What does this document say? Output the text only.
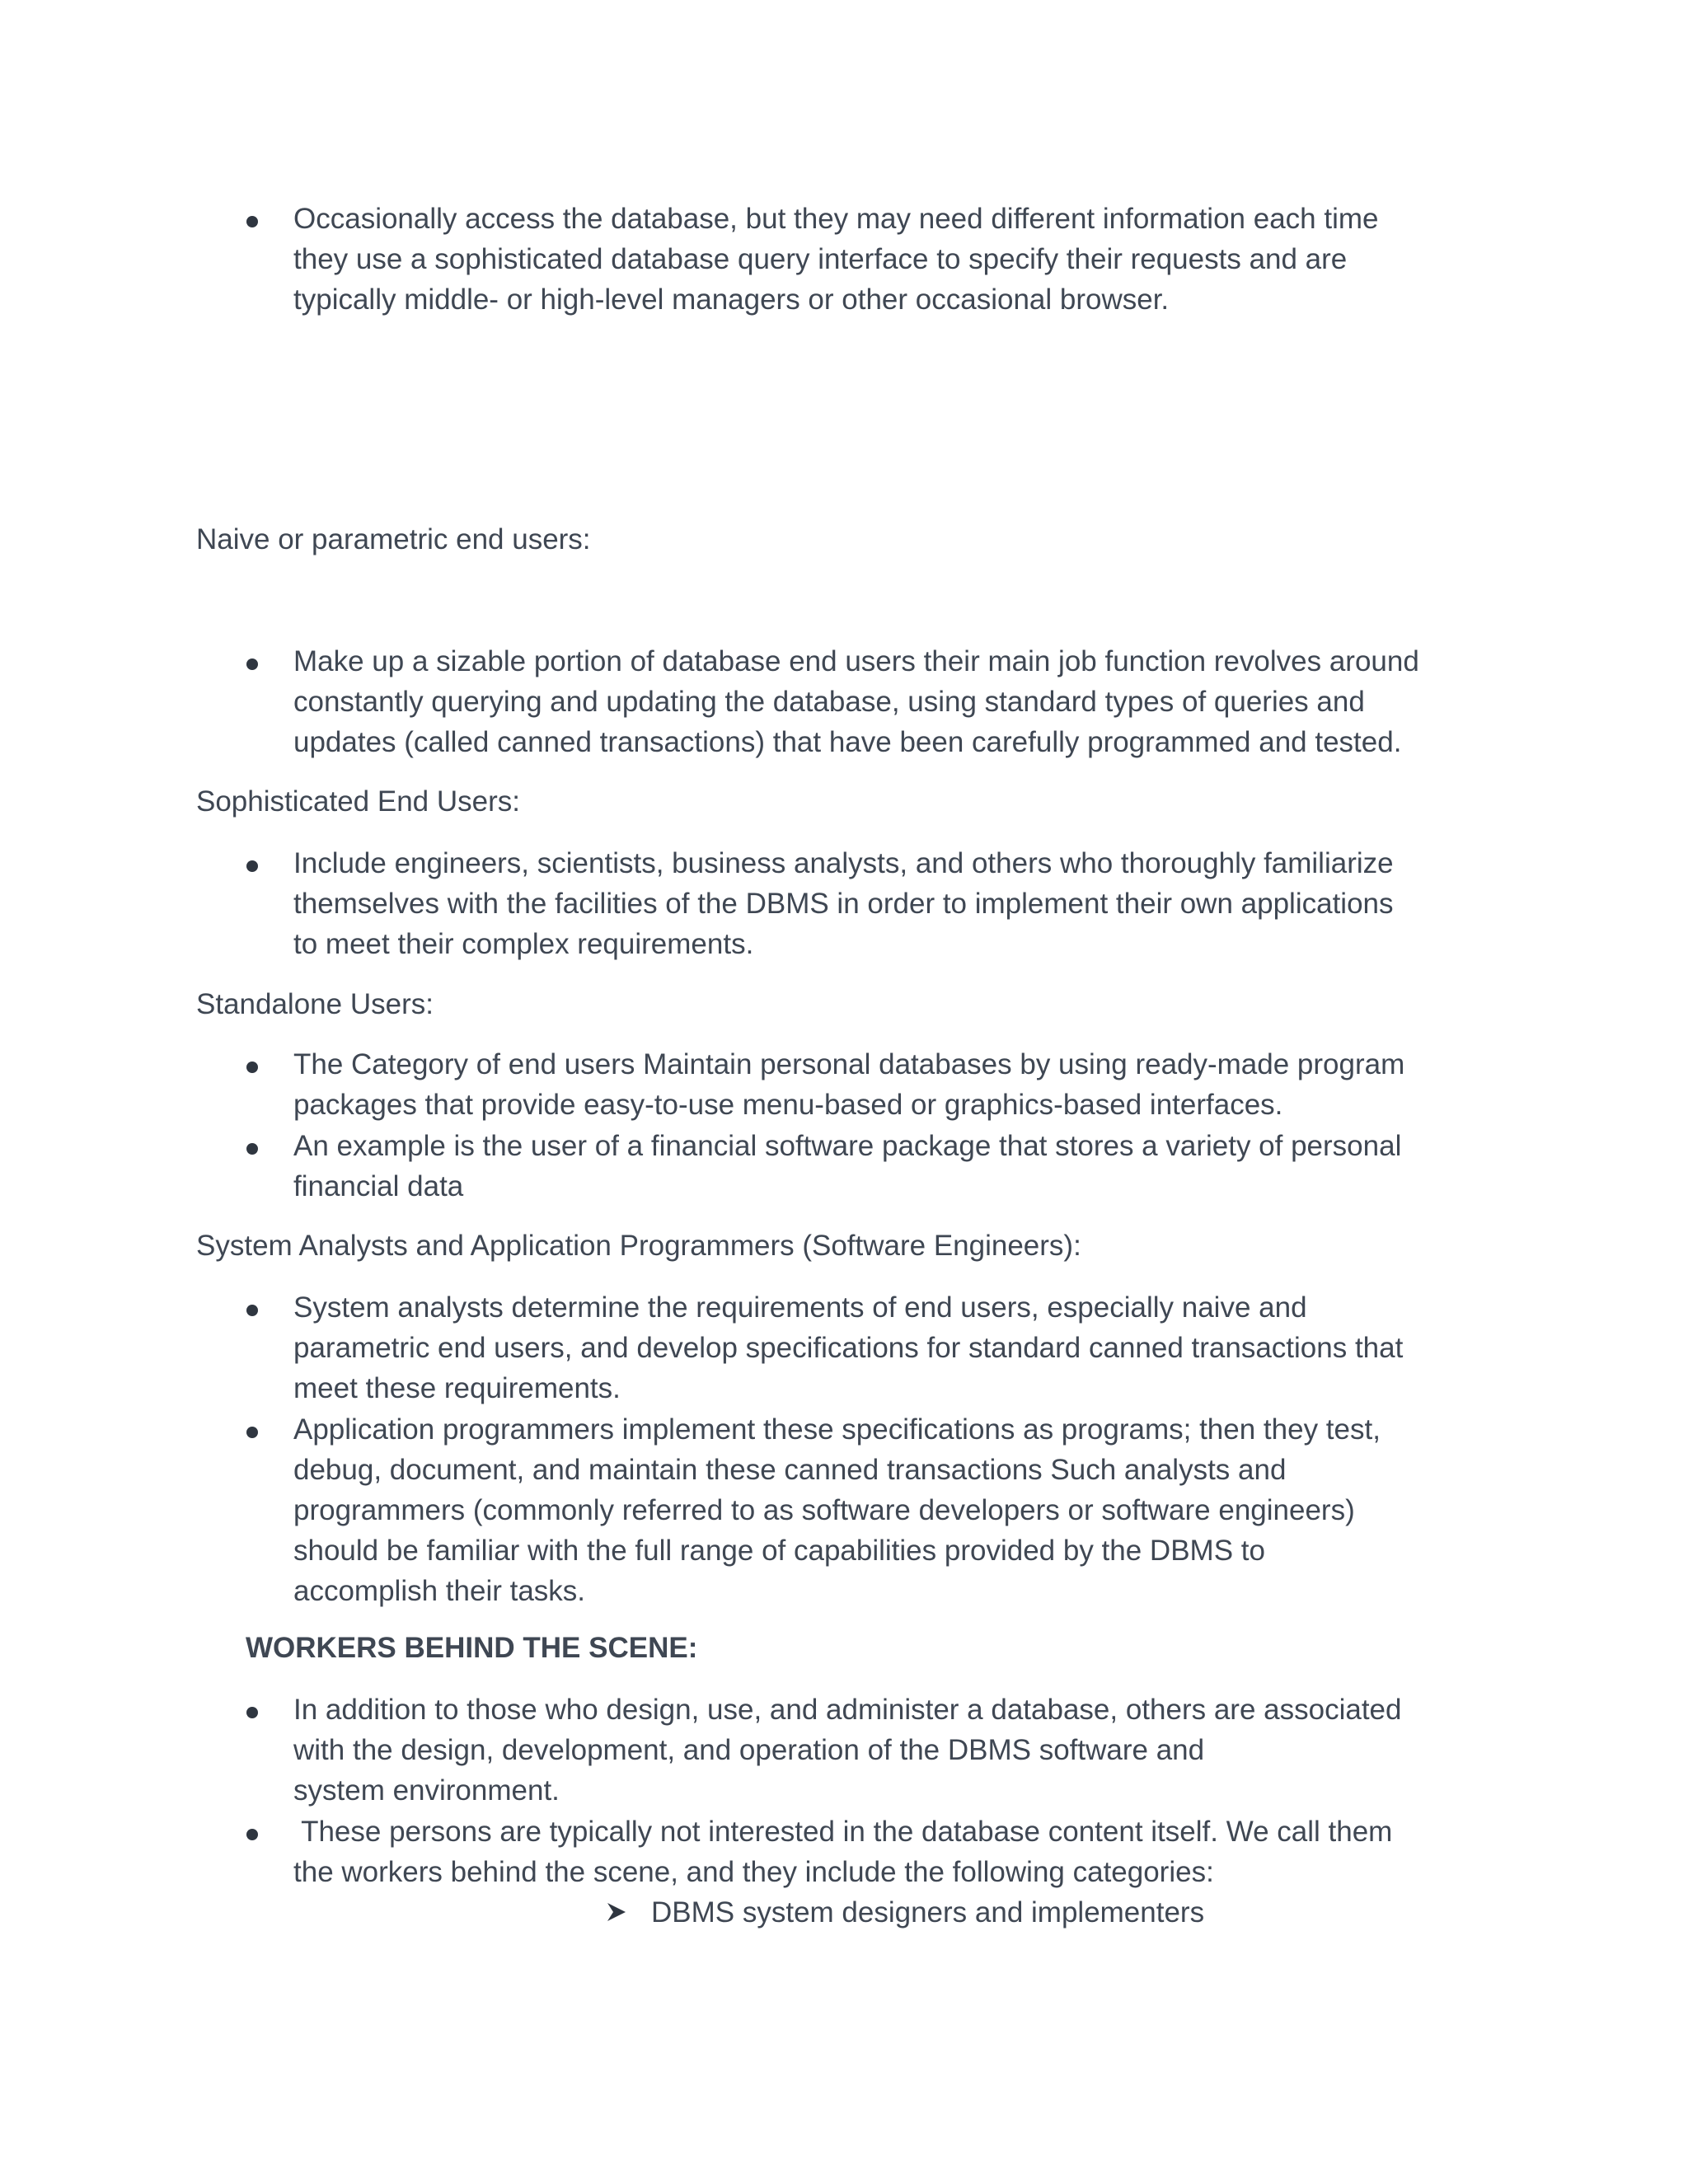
Occasionally access the database, but they may need different information each time
they use a sophisticated database query interface to specify their requests and are
typically middle- or high-level managers or other occasional browser.
Naive or parametric end users:
Make up a sizable portion of database end users their main job function revolves around
constantly querying and updating the database, using standard types of queries and
updates (called canned transactions) that have been carefully programmed and tested.
Sophisticated End Users:
Include engineers, scientists, business analysts, and others who thoroughly familiarize
themselves with the facilities of the DBMS in order to implement their own applications
to meet their complex requirements.
Standalone Users:
The Category of end users Maintain personal databases by using ready-made program
packages that provide easy-to-use menu-based or graphics-based interfaces.
An example is the user of a financial software package that stores a variety of personal
financial data
System Analysts and Application Programmers (Software Engineers):
System analysts determine the requirements of end users, especially naive and
parametric end users, and develop specifications for standard canned transactions that
meet these requirements.
Application programmers implement these specifications as programs; then they test,
debug, document, and maintain these canned transactions Such analysts and
programmers (commonly referred to as software developers or software engineers)
should be familiar with the full range of capabilities provided by the DBMS to
accomplish their tasks.
WORKERS BEHIND THE SCENE:
In addition to those who design, use, and administer a database, others are associated
with the design, development, and operation of the DBMS software and
system environment.
These persons are typically not interested in the database content itself. We call them
the workers behind the scene, and they include the following categories:
DBMS system designers and implementers
